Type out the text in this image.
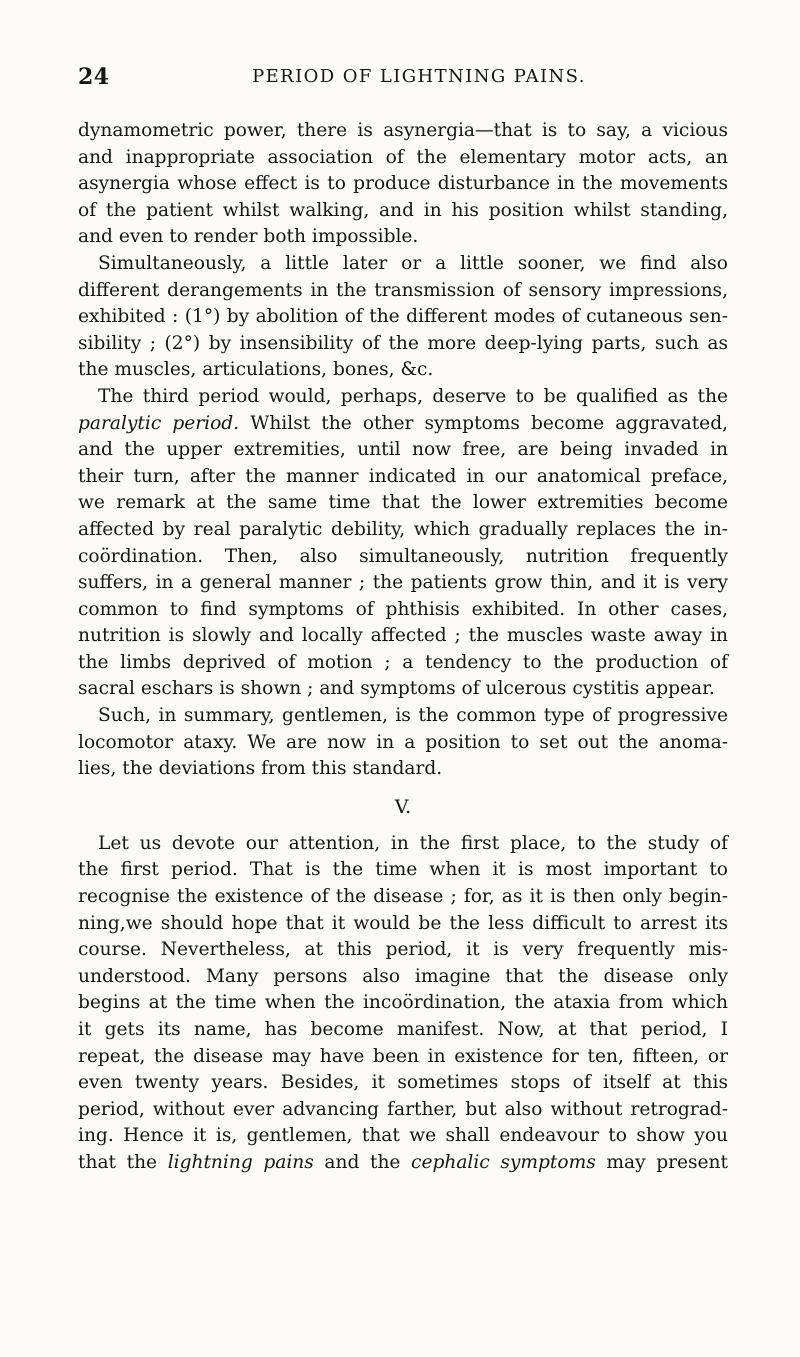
24	PERIOD OF LIGHTNING PAINS.
dynamometric power, there is asynergia—that is to say, a vicious
and inappropriate association of the elementary motor acts, an
asynergia whose effect is to produce disturbance in the movements
of the patient whilst walking, and in his position whilst standing,
and even to render both impossible.
Simultaneously, a little later or a little sooner, we find also
different derangements in the transmission of sensory impressions,
exhibited : (1°) by abolition of the different modes of cutaneous sen-
sibility ; (2°) by insensibility of the more deep-lying parts, such as
the muscles, articulations, bones, &c.
The third period would, perhaps, deserve to be qualified as the
paralytic period. Whilst the other symptoms become aggravated,
and the upper extremities, until now free, are being invaded in
their turn, after the manner indicated in our anatomical preface,
we remark at the same time that the lower extremities become
affected by real paralytic debility, which gradually replaces the in-
coördination. Then, also simultaneously, nutrition frequently
suffers, in a general manner ; the patients grow thin, and it is very
common to find symptoms of phthisis exhibited. In other cases,
nutrition is slowly and locally affected ; the muscles waste away in
the limbs deprived of motion ; a tendency to the production of
sacral eschars is shown ; and symptoms of ulcerous cystitis appear.
Such, in summary, gentlemen, is the common type of progressive
locomotor ataxy. We are now in a position to set out the anoma-
lies, the deviations from this standard.
V.
Let us devote our attention, in the first place, to the study of
the first period. That is the time when it is most important to
recognise the existence of the disease ; for, as it is then only begin-
ning,we should hope that it would be the less difficult to arrest its
course. Nevertheless, at this period, it is very frequently mis-
understood. Many persons also imagine that the disease only
begins at the time when the incoördination, the ataxia from which
it gets its name, has become manifest. Now, at that period, I
repeat, the disease may have been in existence for ten, fifteen, or
even twenty years. Besides, it sometimes stops of itself at this
period, without ever advancing farther, but also without retrograd-
ing. Hence it is, gentlemen, that we shall endeavour to show you
that the lightning pains and the cephalic symptoms may present
